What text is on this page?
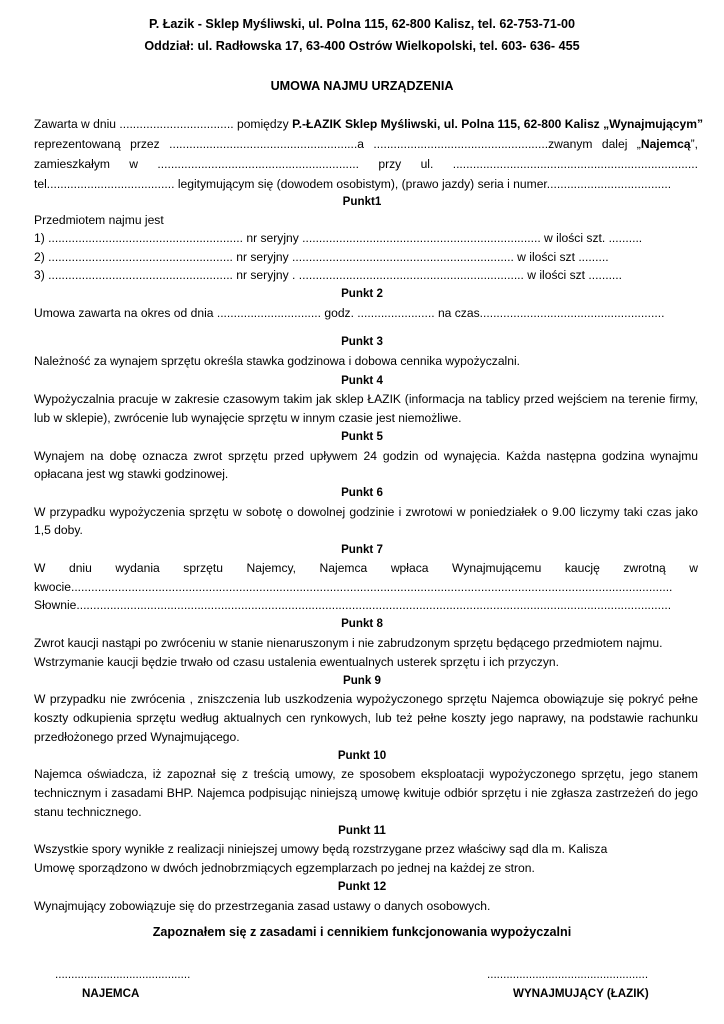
P. Łazik - Sklep Myśliwski, ul. Polna 115, 62-800 Kalisz, tel. 62-753-71-00
Oddział: ul. Radłowska 17, 63-400 Ostrów Wielkopolski, tel. 603- 636- 455
UMOWA NAJMU URZĄDZENIA
Zawarta w dniu .................................. pomiędzy P.-ŁAZIK Sklep Myśliwski, ul. Polna 115, 62-800 Kalisz „Wynajmującym”
reprezentowaną przez ........................................................a ....................................................zwanym dalej „Najemcą”,
zamieszkałym w ............................................................ przy ul. .........................................................................
tel...................................... legitymującym się (dowodem osobistym), (prawo jazdy) seria i numer.....................................
Punkt1
Przedmiotem najmu jest
1) .......................................................... nr seryjny ....................................................................... w ilości szt. ..........
2) ....................................................... nr seryjny .................................................................. w ilości szt .........
3) ....................................................... nr seryjny . ................................................................... w ilości szt ..........
Punkt 2
Umowa zawarta na okres od dnia ............................... godz. ....................... na czas.......................................................
Punkt 3
Należność za wynajem sprzętu określa stawka godzinowa i dobowa cennika wypożyczalni.
Punkt 4
Wypożyczalnia pracuje w zakresie czasowym takim jak sklep ŁAZIK (informacja na tablicy przed wejściem na terenie firmy,
lub w sklepie), zwrócenie lub wynajęcie sprzętu w innym czasie jest niemożliwe.
Punkt 5
Wynajem na dobę oznacza zwrot sprzętu przed upływem 24 godzin od wynajęcia. Każda następna godzina wynajmu
opłacana jest wg stawki godzinowej.
Punkt 6
W przypadku wypożyczenia sprzętu w sobotę o dowolnej godzinie i zwrotowi w poniedziałek o 9.00 liczymy taki czas jako
1,5 doby.
Punkt 7
W dniu wydania sprzętu Najemcy, Najemca wpłaca Wynajmującemu kaucję zwrotną w
kwocie...................................................................................................................................................................................
Słownie.................................................................................................................................................................................
Punkt 8
Zwrot kaucji nastąpi po zwróceniu w stanie nienaruszonym i nie zabrudzonym sprzętu będącego przedmiotem najmu.
Wstrzymanie kaucji będzie trwało od czasu ustalenia ewentualnych usterek sprzętu i ich przyczyn.
Punk 9
W przypadku nie zwrócenia , zniszczenia lub uszkodzenia wypożyczonego sprzętu Najemca obowiązuje się pokryć pełne
koszty odkupienia sprzętu według aktualnych cen rynkowych, lub też pełne koszty jego naprawy, na podstawie rachunku
przedłożonego przed Wynajmującego.
Punkt 10
Najemca oświadcza, iż zapoznał się z treścią umowy, ze sposobem eksploatacji wypożyczonego sprzętu, jego stanem
technicznym i zasadami BHP. Najemca podpisując niniejszą umowę kwituje odbiór sprzętu i nie zgłasza zastrzeżeń do jego
stanu technicznego.
Punkt 11
Wszystkie spory wynikłe z realizacji niniejszej umowy będą rozstrzygane przez właściwy sąd dla m. Kalisza
Umowę sporządzono w dwóch jednobrzmiących egzemplarzach po jednej na każdej ze stron.
Punkt 12
Wynajmujący zobowiązuje się do przestrzegania zasad ustawy o danych osobowych.
Zapoznałem się z zasadami i cennikiem funkcjonowania wypożyczalni
..........................................
NAJEMCA
..................................................
WYNAJMUJĄCY (ŁAZIK)
